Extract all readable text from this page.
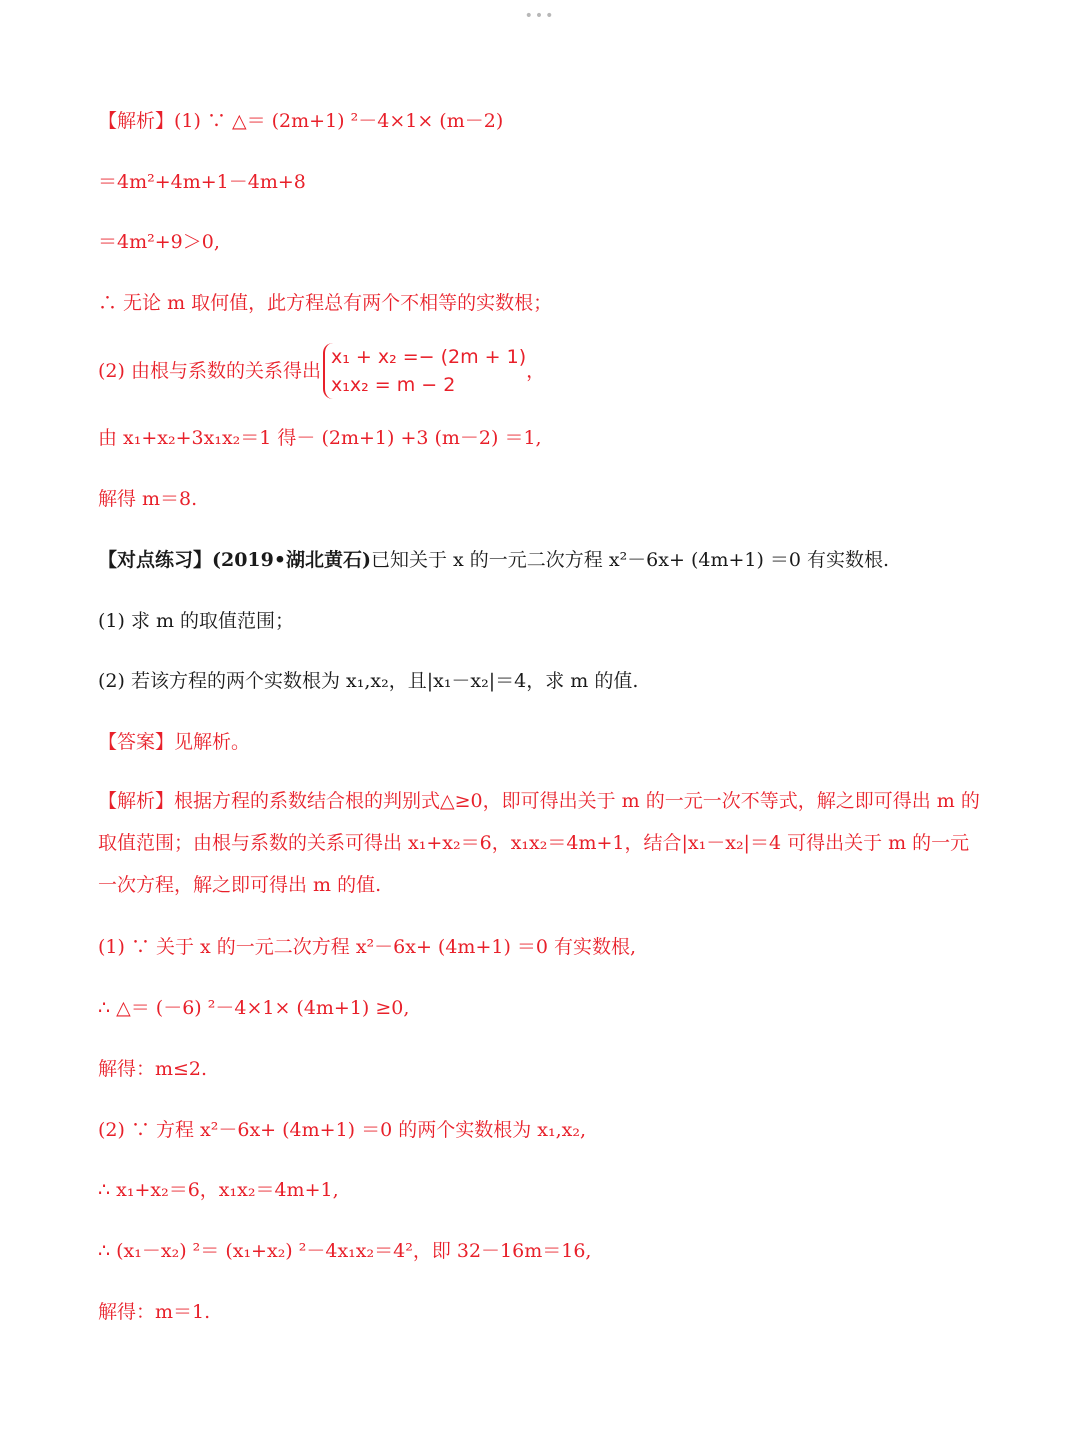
•••
【解析】(1) ∵ △＝ (2m+1) ²－4×1× (m－2)
＝4m²+4m+1－4m+8
＝4m²+9＞0,
∴ 无论 m 取何值，此方程总有两个不相等的实数根；
(2) 由根与系数的关系得出
x₁ + x₂ =− (2m + 1)
x₁x₂ = m − 2
，
由 x₁+x₂+3x₁x₂＝1 得－ (2m+1) +3 (m－2) ＝1,
解得 m＝8.
【对点练习】(2019•湖北黄石)已知关于 x 的一元二次方程 x²－6x+ (4m+1) ＝0 有实数根.
(1) 求 m 的取值范围；
(2) 若该方程的两个实数根为 x₁,x₂，且|x₁－x₂|＝4，求 m 的值.
【答案】见解析。
【解析】根据方程的系数结合根的判别式△≥0，即可得出关于 m 的一元一次不等式，解之即可得出 m 的取值范围；由根与系数的关系可得出 x₁+x₂＝6，x₁x₂＝4m+1，结合|x₁－x₂|＝4 可得出关于 m 的一元一次方程，解之即可得出 m 的值.
(1) ∵ 关于 x 的一元二次方程 x²－6x+ (4m+1) ＝0 有实数根,
∴ △＝ (－6) ²－4×1× (4m+1) ≥0,
解得：m≤2.
(2) ∵ 方程 x²－6x+ (4m+1) ＝0 的两个实数根为 x₁,x₂,
∴ x₁+x₂＝6，x₁x₂＝4m+1,
∴ (x₁－x₂) ²＝ (x₁+x₂) ²－4x₁x₂＝4²，即 32－16m＝16,
解得：m＝1.
